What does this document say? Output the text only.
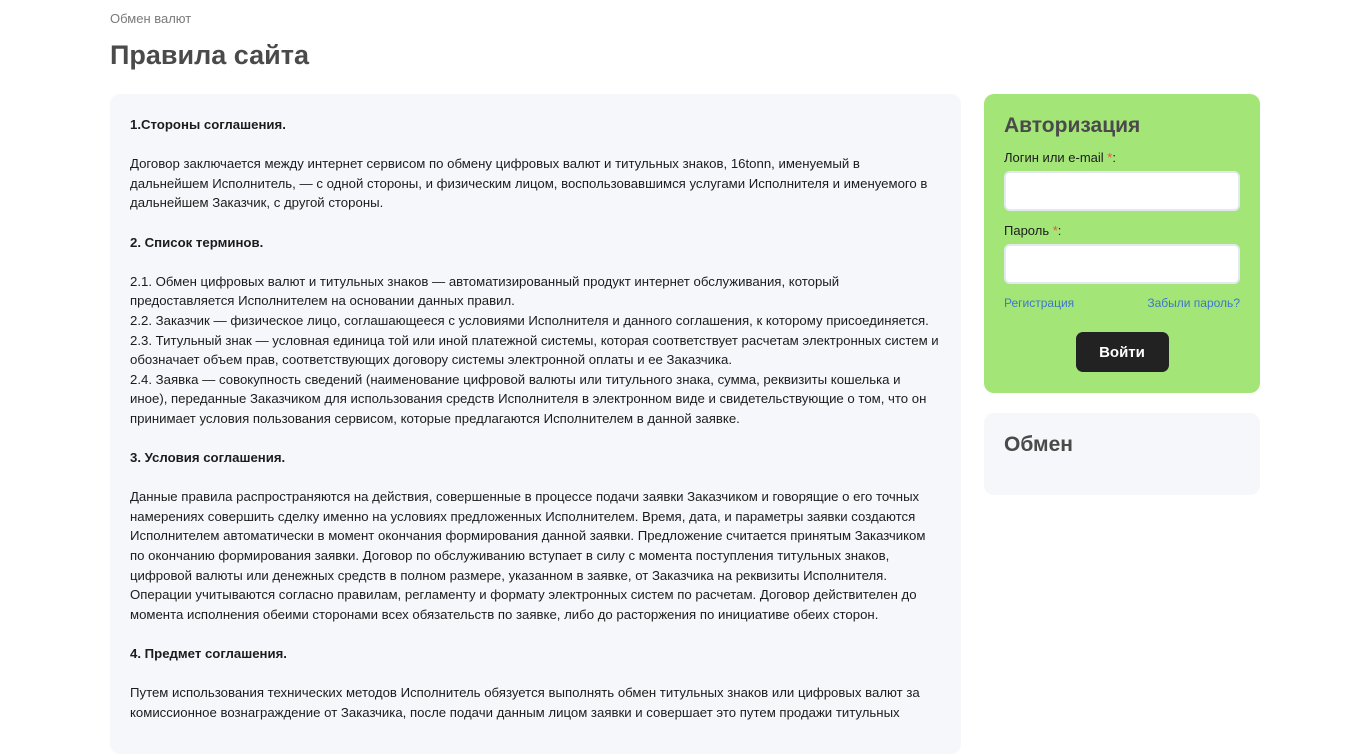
Обмен валют
Правила сайта

1.Стороны соглашения.

Договор заключается между интернет сервисом по обмену цифровых валют и титульных знаков, 16tonn, именуемый в дальнейшем Исполнитель, — с одной стороны, и физическим лицом, воспользовавшимся услугами Исполнителя и именуемого в дальнейшем Заказчик, с другой стороны.

2. Список терминов.

2.1. Обмен цифровых валют и титульных знаков — автоматизированный продукт интернет обслуживания, который предоставляется Исполнителем на основании данных правил.

2.2. Заказчик — физическое лицо, соглашающееся с условиями Исполнителя и данного соглашения, к которому присоединяется.

2.3. Титульный знак — условная единица той или иной платежной системы, которая соответствует расчетам электронных систем и обозначает объем прав, соответствующих договору системы электронной оплаты и ее Заказчика.

2.4. Заявка — совокупность сведений (наименование цифровой валюты или титульного знака, сумма, реквизиты кошелька и иное), переданные Заказчиком для использования средств Исполнителя в электронном виде и свидетельствующие о том, что он принимает условия пользования сервисом, которые предлагаются Исполнителем в данной заявке.

3. Условия соглашения.

Данные правила распространяются на действия, совершенные в процессе подачи заявки Заказчиком и говорящие о его точных намерениях совершить сделку именно на условиях предложенных Исполнителем. Время, дата, и параметры заявки создаются Исполнителем автоматически в момент окончания формирования данной заявки. Предложение считается принятым Заказчиком по окончанию формирования заявки. Договор по обслуживанию вступает в силу с момента поступления титульных знаков, цифровой валюты или денежных средств в полном размере, указанном в заявке, от Заказчика на реквизиты Исполнителя. Операции учитываются согласно правилам, регламенту и формату электронных систем по расчетам. Договор действителен до момента исполнения обеими сторонами всех обязательств по заявке, либо до расторжения по инициативе обеих сторон.

4. Предмет соглашения.

Путем использования технических методов Исполнитель обязуется выполнять обмен титульных знаков или цифровых валют за комиссионное вознаграждение от Заказчика, после подачи данным лицом заявки и совершает это путем продажи титульных

Авторизация
Логин или e-mail *:
Пароль *:
Регистрация	Забыли пароль?
Войти
Обмен
